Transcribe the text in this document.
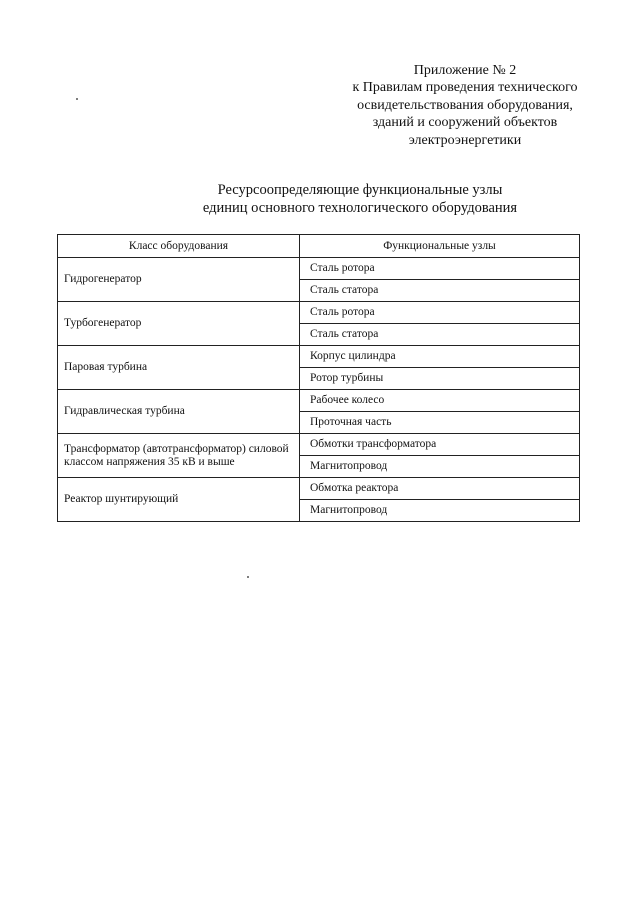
Приложение № 2
к Правилам проведения технического
освидетельствования оборудования,
зданий и сооружений объектов
электроэнергетики
Ресурсоопределяющие функциональные узлы
единиц основного технологического оборудования
Класс оборудования	Функциональные узлы
Гидрогенератор	Сталь ротора
	Сталь статора
Турбогенератор	Сталь ротора
	Сталь статора
Паровая турбина	Корпус цилиндра
	Ротор турбины
Гидравлическая турбина	Рабочее колесо
	Проточная часть
Трансформатор (автотрансформатор) силовой классом напряжения 35 кВ и выше	Обмотки трансформатора
	Магнитопровод
Реактор шунтирующий	Обмотка реактора
	Магнитопровод
